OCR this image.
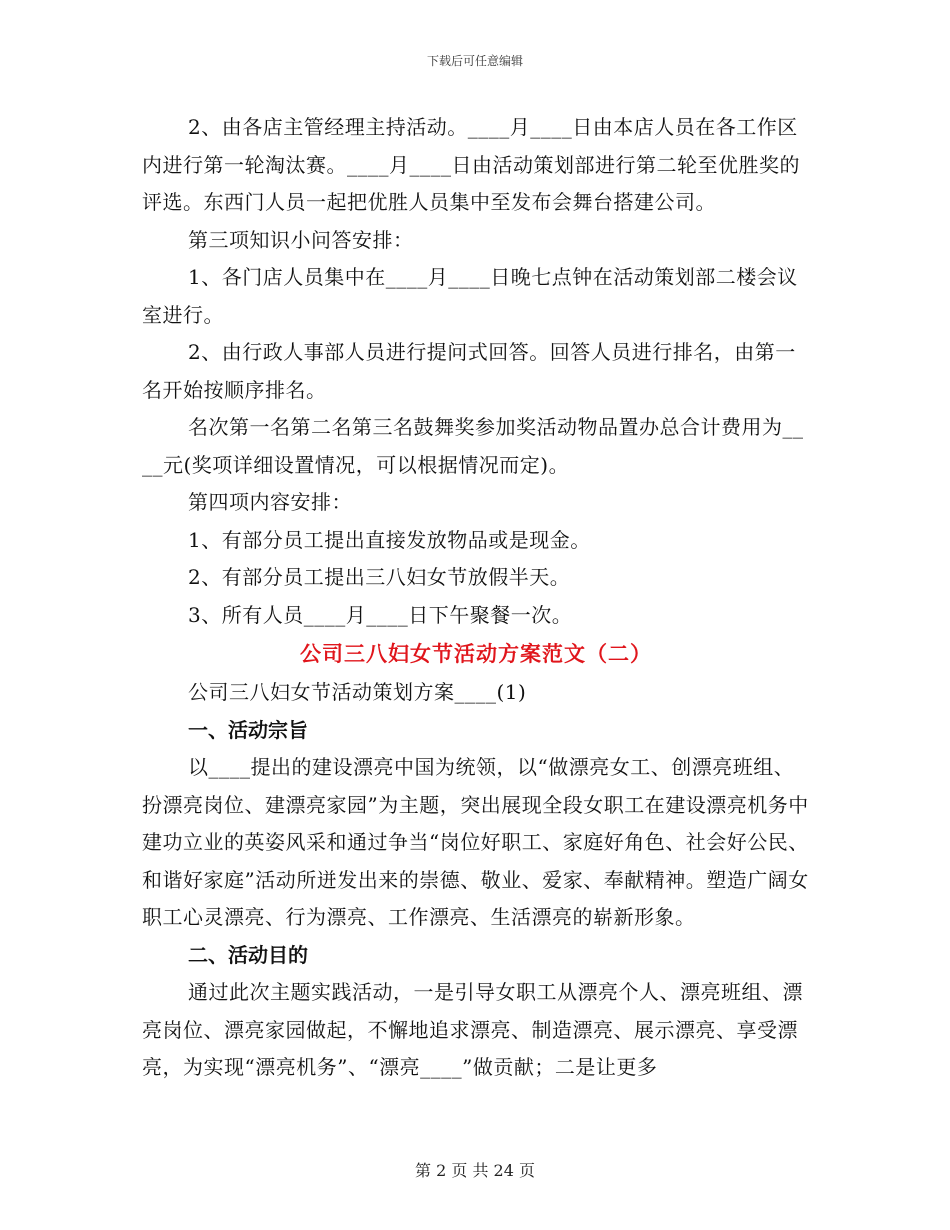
下载后可任意编辑

2、由各店主管经理主持活动。____月____日由本店人员在各工作区内进行第一轮淘汰赛。____月____日由活动策划部进行第二轮至优胜奖的评选。东西门人员一起把优胜人员集中至发布会舞台搭建公司。

第三项知识小问答安排：

1、各门店人员集中在____月____日晚七点钟在活动策划部二楼会议室进行。

2、由行政人事部人员进行提问式回答。回答人员进行排名，由第一名开始按顺序排名。

名次第一名第二名第三名鼓舞奖参加奖活动物品置办总合计费用为____元(奖项详细设置情况，可以根据情况而定)。

第四项内容安排：

1、有部分员工提出直接发放物品或是现金。

2、有部分员工提出三八妇女节放假半天。

3、所有人员____月____日下午聚餐一次。

公司三八妇女节活动方案范文（二）

公司三八妇女节活动策划方案____(1)

一、活动宗旨

以____提出的建设漂亮中国为统领，以“做漂亮女工、创漂亮班组、扮漂亮岗位、建漂亮家园”为主题，突出展现全段女职工在建设漂亮机务中建功立业的英姿风采和通过争当“岗位好职工、家庭好角色、社会好公民、和谐好家庭”活动所迸发出来的崇德、敬业、爱家、奉献精神。塑造广阔女职工心灵漂亮、行为漂亮、工作漂亮、生活漂亮的崭新形象。

二、活动目的

通过此次主题实践活动，一是引导女职工从漂亮个人、漂亮班组、漂亮岗位、漂亮家园做起，不懈地追求漂亮、制造漂亮、展示漂亮、享受漂亮，为实现“漂亮机务”、“漂亮____”做贡献；二是让更多

第 2 页 共 24 页
